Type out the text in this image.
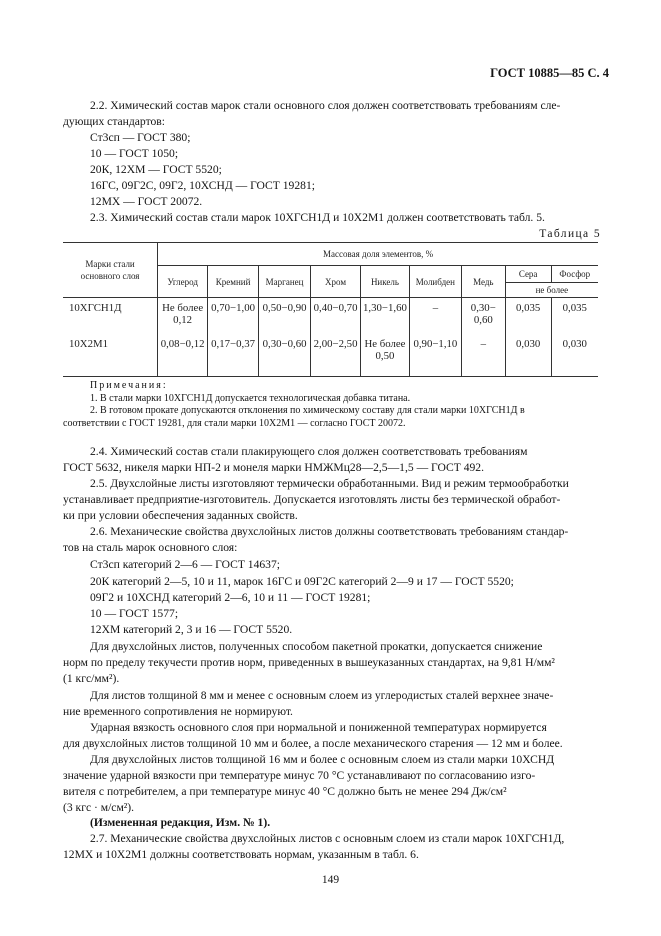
ГОСТ 10885—85 С. 4
2.2. Химический состав марок стали основного слоя должен соответствовать требованиям сле-
дующих стандартов:
Ст3сп — ГОСТ 380;
10 — ГОСТ 1050;
20К, 12ХМ — ГОСТ 5520;
16ГС, 09Г2С, 09Г2, 10ХСНД — ГОСТ 19281;
12МХ — ГОСТ 20072.
2.3. Химический состав стали марок 10ХГСН1Д и 10Х2М1 должен соответствовать табл. 5.
Таблица 5
Марки стали основного слоя	Массовая доля элементов, %								
	Углерод	Кремний	Марганец	Хром	Никель	Молибден	Медь	Сера	Фосфор
								не более	
10ХГСН1Д	Не более 0,12	0,70−1,00	0,50−0,90	0,40−0,70	1,30−1,60	–	0,30− 0,60	0,035	0,035
10Х2М1	0,08−0,12	0,17−0,37	0,30−0,60	2,00−2,50	Не более 0,50	0,90−1,10	–	0,030	0,030
Примечания:
1. В стали марки 10ХГСН1Д допускается технологическая добавка титана.
2. В готовом прокате допускаются отклонения по химическому составу для стали марки 10ХГСН1Д в
соответствии с ГОСТ 19281, для стали марки 10Х2М1 — согласно ГОСТ 20072.
2.4. Химический состав стали плакирующего слоя должен соответствовать требованиям
ГОСТ 5632, никеля марки НП-2 и монеля марки НМЖМц28—2,5—1,5 — ГОСТ 492.
2.5. Двухслойные листы изготовляют термически обработанными. Вид и режим термообработки
устанавливает предприятие-изготовитель. Допускается изготовлять листы без термической обработ-
ки при условии обеспечения заданных свойств.
2.6. Механические свойства двухслойных листов должны соответствовать требованиям стандар-
тов на сталь марок основного слоя:
Ст3сп категорий 2—6 — ГОСТ 14637;
20К категорий 2—5, 10 и 11, марок 16ГС и 09Г2С категорий 2—9 и 17 — ГОСТ 5520;
09Г2 и 10ХСНД категорий 2—6, 10 и 11 — ГОСТ 19281;
10 — ГОСТ 1577;
12ХМ категорий 2, 3 и 16 — ГОСТ 5520.
Для двухслойных листов, полученных способом пакетной прокатки, допускается снижение
норм по пределу текучести против норм, приведенных в вышеуказанных стандартах, на 9,81 Н/мм²
(1 кгс/мм²).
Для листов толщиной 8 мм и менее с основным слоем из углеродистых сталей верхнее значе-
ние временного сопротивления не нормируют.
Ударная вязкость основного слоя при нормальной и пониженной температурах нормируется
для двухслойных листов толщиной 10 мм и более, а после механического старения — 12 мм и более.
Для двухслойных листов толщиной 16 мм и более с основным слоем из стали марки 10ХСНД
значение ударной вязкости при температуре минус 70 °С устанавливают по согласованию изго-
вителя с потребителем, а при температуре минус 40 °С должно быть не менее 294 Дж/см²
(3 кгс · м/см²).
(Измененная редакция, Изм. № 1).
2.7. Механические свойства двухслойных листов с основным слоем из стали марок 10ХГСН1Д,
12МХ и 10Х2М1 должны соответствовать нормам, указанным в табл. 6.
149
